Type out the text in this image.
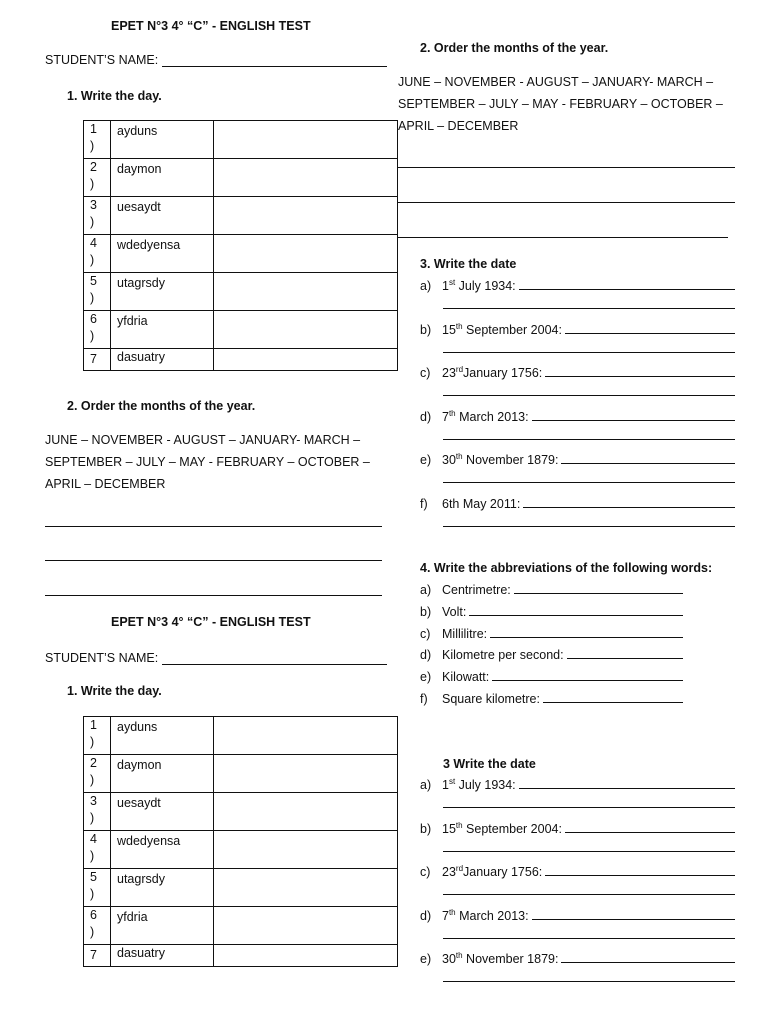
EPET N°3 4° “C” - ENGLISH TEST
STUDENT’S NAME:
1. Write the day.
1
)	ayduns	
2
)	daymon	
3
)	uesaydt	
4
)	wdedyensa	
5
)	utagrsdy	
6
)	yfdria	
7	dasuatry	
2. Order the months of the year.
JUNE – NOVEMBER - AUGUST – JANUARY- MARCH –
SEPTEMBER – JULY – MAY - FEBRUARY – OCTOBER –
APRIL – DECEMBER
EPET N°3 4° “C” - ENGLISH TEST
STUDENT’S NAME:
1. Write the day.
1
)	ayduns	
2
)	daymon	
3
)	uesaydt	
4
)	wdedyensa	
5
)	utagrsdy	
6
)	yfdria	
7	dasuatry	
2. Order the months of the year.
JUNE – NOVEMBER - AUGUST – JANUARY- MARCH –
SEPTEMBER – JULY – MAY - FEBRUARY – OCTOBER –
APRIL – DECEMBER
3. Write the date
a) 1st July 1934:
b) 15th September 2004:
c) 23rdJanuary 1756:
d) 7th March 2013:
e) 30th November 1879:
f) 6th May 2011:
4. Write the abbreviations of the following words:
a) Centrimetre:
b) Volt:
c) Millilitre:
d) Kilometre per second:
e) Kilowatt:
f) Square kilometre:
3 Write the date
a) 1st July 1934:
b) 15th September 2004:
c) 23rdJanuary 1756:
d) 7th March 2013:
e) 30th November 1879:
